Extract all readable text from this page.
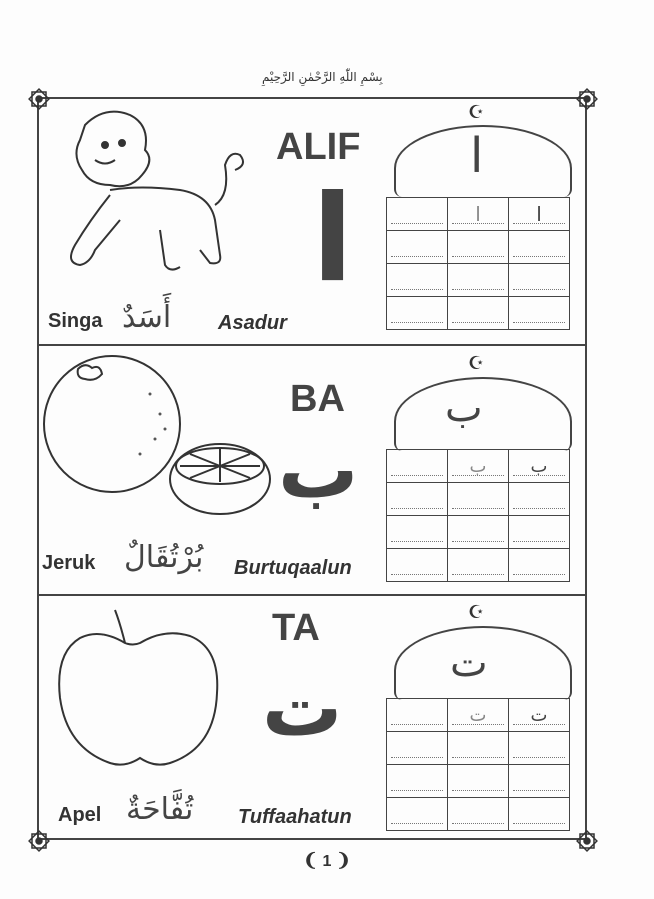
بِسْمِ اللّٰهِ الرَّحْمٰنِ الرَّحِيْمِ
ALIF
ا
☪
ا
	ا	ا

Singa أَسَدٌ Asadur
BA
ب
☪
ب
	ب	ب

Jeruk بُرْتُقَالٌ Burtuqaalun
TA
ت
☪
ت
	ت	ت

Apel تُفَّاحَةٌ Tuffaahatun
❨ 1 ❩
